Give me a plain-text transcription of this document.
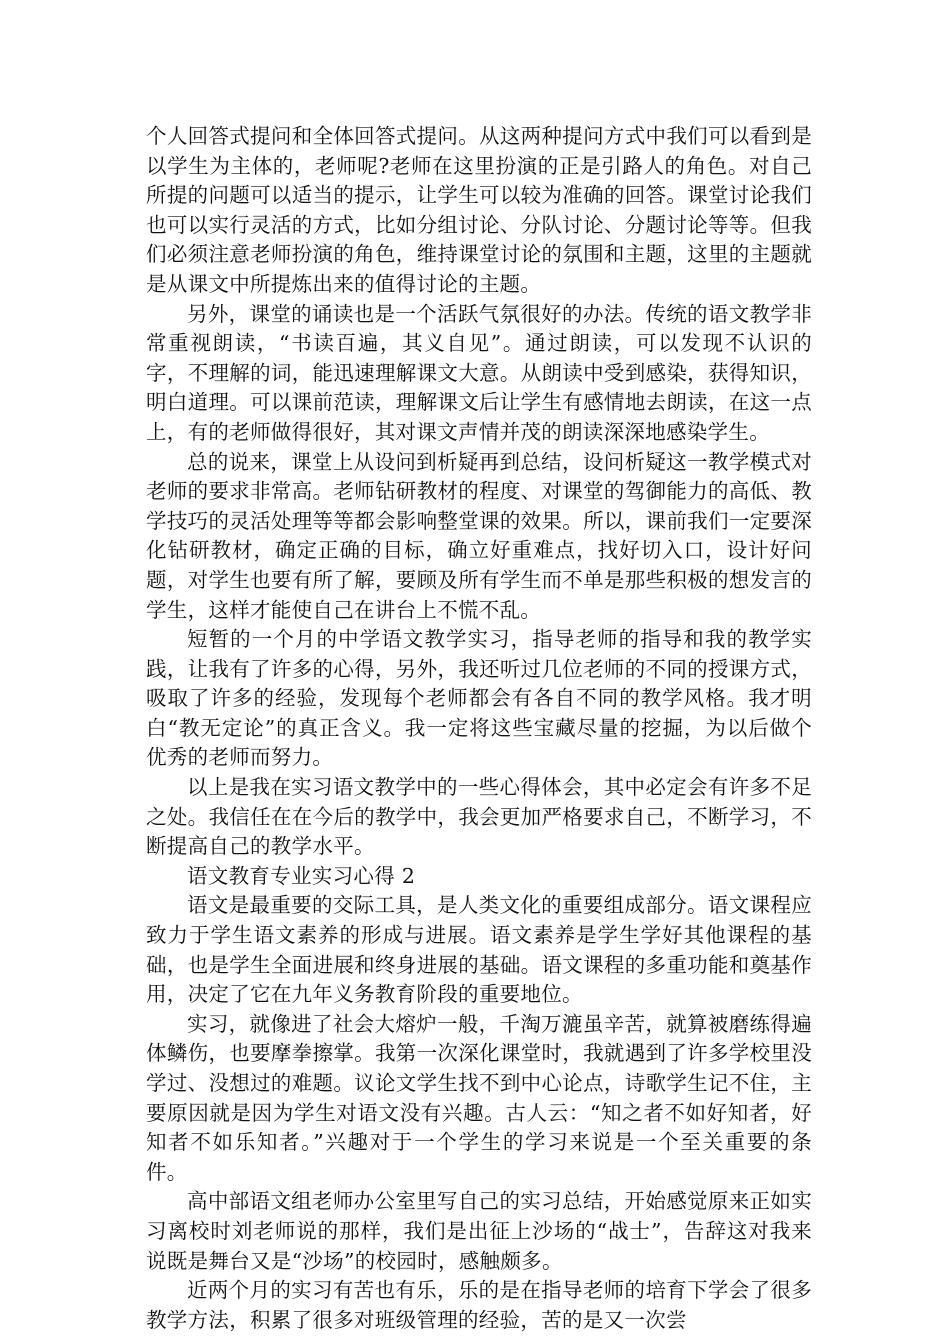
个人回答式提问和全体回答式提问。从这两种提问方式中我们可以看到是以学生为主体的，老师呢?老师在这里扮演的正是引路人的角色。对自己所提的问题可以适当的提示，让学生可以较为准确的回答。课堂讨论我们也可以实行灵活的方式，比如分组讨论、分队讨论、分题讨论等等。但我们必须注意老师扮演的角色，维持课堂讨论的氛围和主题，这里的主题就是从课文中所提炼出来的值得讨论的主题。

另外，课堂的诵读也是一个活跃气氛很好的办法。传统的语文教学非常重视朗读，“书读百遍，其义自见”。通过朗读，可以发现不认识的字，不理解的词，能迅速理解课文大意。从朗读中受到感染，获得知识，明白道理。可以课前范读，理解课文后让学生有感情地去朗读，在这一点上，有的老师做得很好，其对课文声情并茂的朗读深深地感染学生。

总的说来，课堂上从设问到析疑再到总结，设问析疑这一教学模式对老师的要求非常高。老师钻研教材的程度、对课堂的驾御能力的高低、教学技巧的灵活处理等等都会影响整堂课的效果。所以，课前我们一定要深化钻研教材，确定正确的目标，确立好重难点，找好切入口，设计好问题，对学生也要有所了解，要顾及所有学生而不单是那些积极的想发言的学生，这样才能使自己在讲台上不慌不乱。

短暂的一个月的中学语文教学实习，指导老师的指导和我的教学实践，让我有了许多的心得，另外，我还听过几位老师的不同的授课方式，吸取了许多的经验，发现每个老师都会有各自不同的教学风格。我才明白“教无定论”的真正含义。我一定将这些宝藏尽量的挖掘，为以后做个优秀的老师而努力。

以上是我在实习语文教学中的一些心得体会，其中必定会有许多不足之处。我信任在在今后的教学中，我会更加严格要求自己，不断学习，不断提高自己的教学水平。

语文教育专业实习心得 2

语文是最重要的交际工具，是人类文化的重要组成部分。语文课程应致力于学生语文素养的形成与进展。语文素养是学生学好其他课程的基础，也是学生全面进展和终身进展的基础。语文课程的多重功能和奠基作用，决定了它在九年义务教育阶段的重要地位。

实习，就像进了社会大熔炉一般，千淘万漉虽辛苦，就算被磨练得遍体鳞伤，也要摩拳擦掌。我第一次深化课堂时，我就遇到了许多学校里没学过、没想过的难题。议论文学生找不到中心论点，诗歌学生记不住，主要原因就是因为学生对语文没有兴趣。古人云：“知之者不如好知者，好知者不如乐知者。”兴趣对于一个学生的学习来说是一个至关重要的条件。

高中部语文组老师办公室里写自己的实习总结，开始感觉原来正如实习离校时刘老师说的那样，我们是出征上沙场的“战士”，告辞这对我来说既是舞台又是“沙场”的校园时，感触颇多。

近两个月的实习有苦也有乐，乐的是在指导老师的培育下学会了很多教学方法，积累了很多对班级管理的经验，苦的是又一次尝
